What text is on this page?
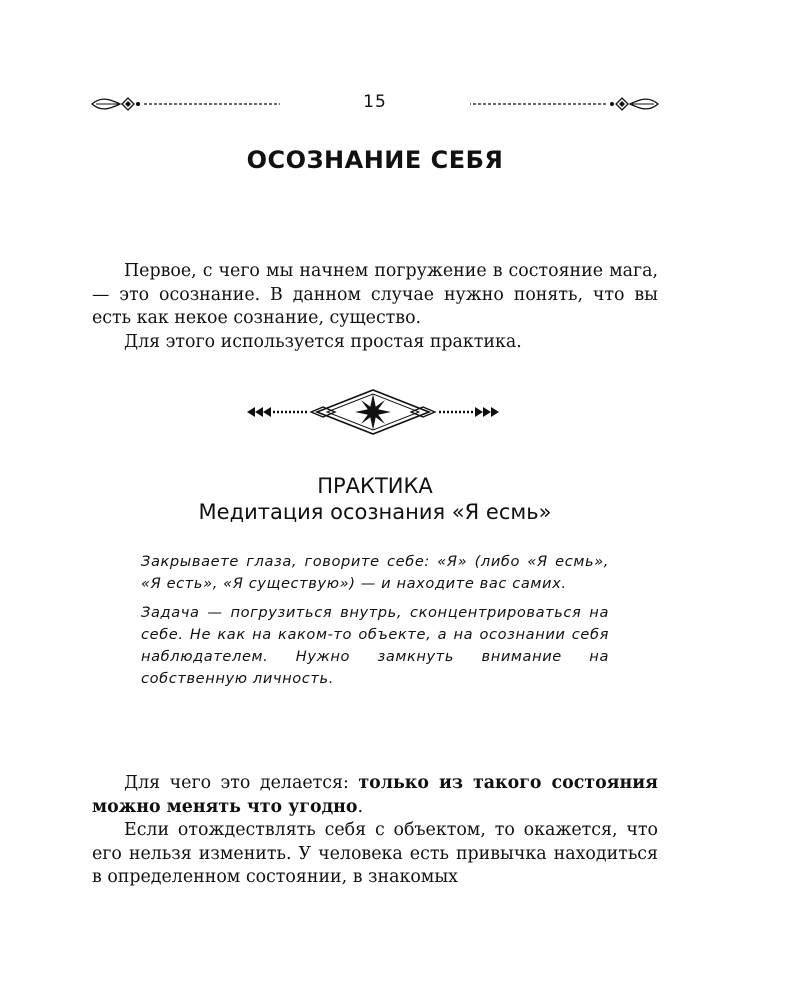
15
ОСОЗНАНИЕ СЕБЯ

Первое, с чего мы начнем погружение в состояние мага, — это осознание. В данном случае нужно понять, что вы есть как некое сознание, существо.

Для этого используется простая практика.

ПРАКТИКА
Медитация осознания «Я есмь»

Закрываете глаза, говорите себе: «Я» (либо «Я есмь», «Я есть», «Я существую») — и находите вас самих.

Задача — погрузиться внутрь, сконцентрироваться на себе. Не как на каком-то объекте, а на осознании себя наблюдателем. Нужно замкнуть внимание на собственную личность.

Для чего это делается: только из такого состояния можно менять что угодно.

Если отождествлять себя с объектом, то окажется, что его нельзя изменить. У человека есть привычка находиться в определенном состоянии, в знакомых
